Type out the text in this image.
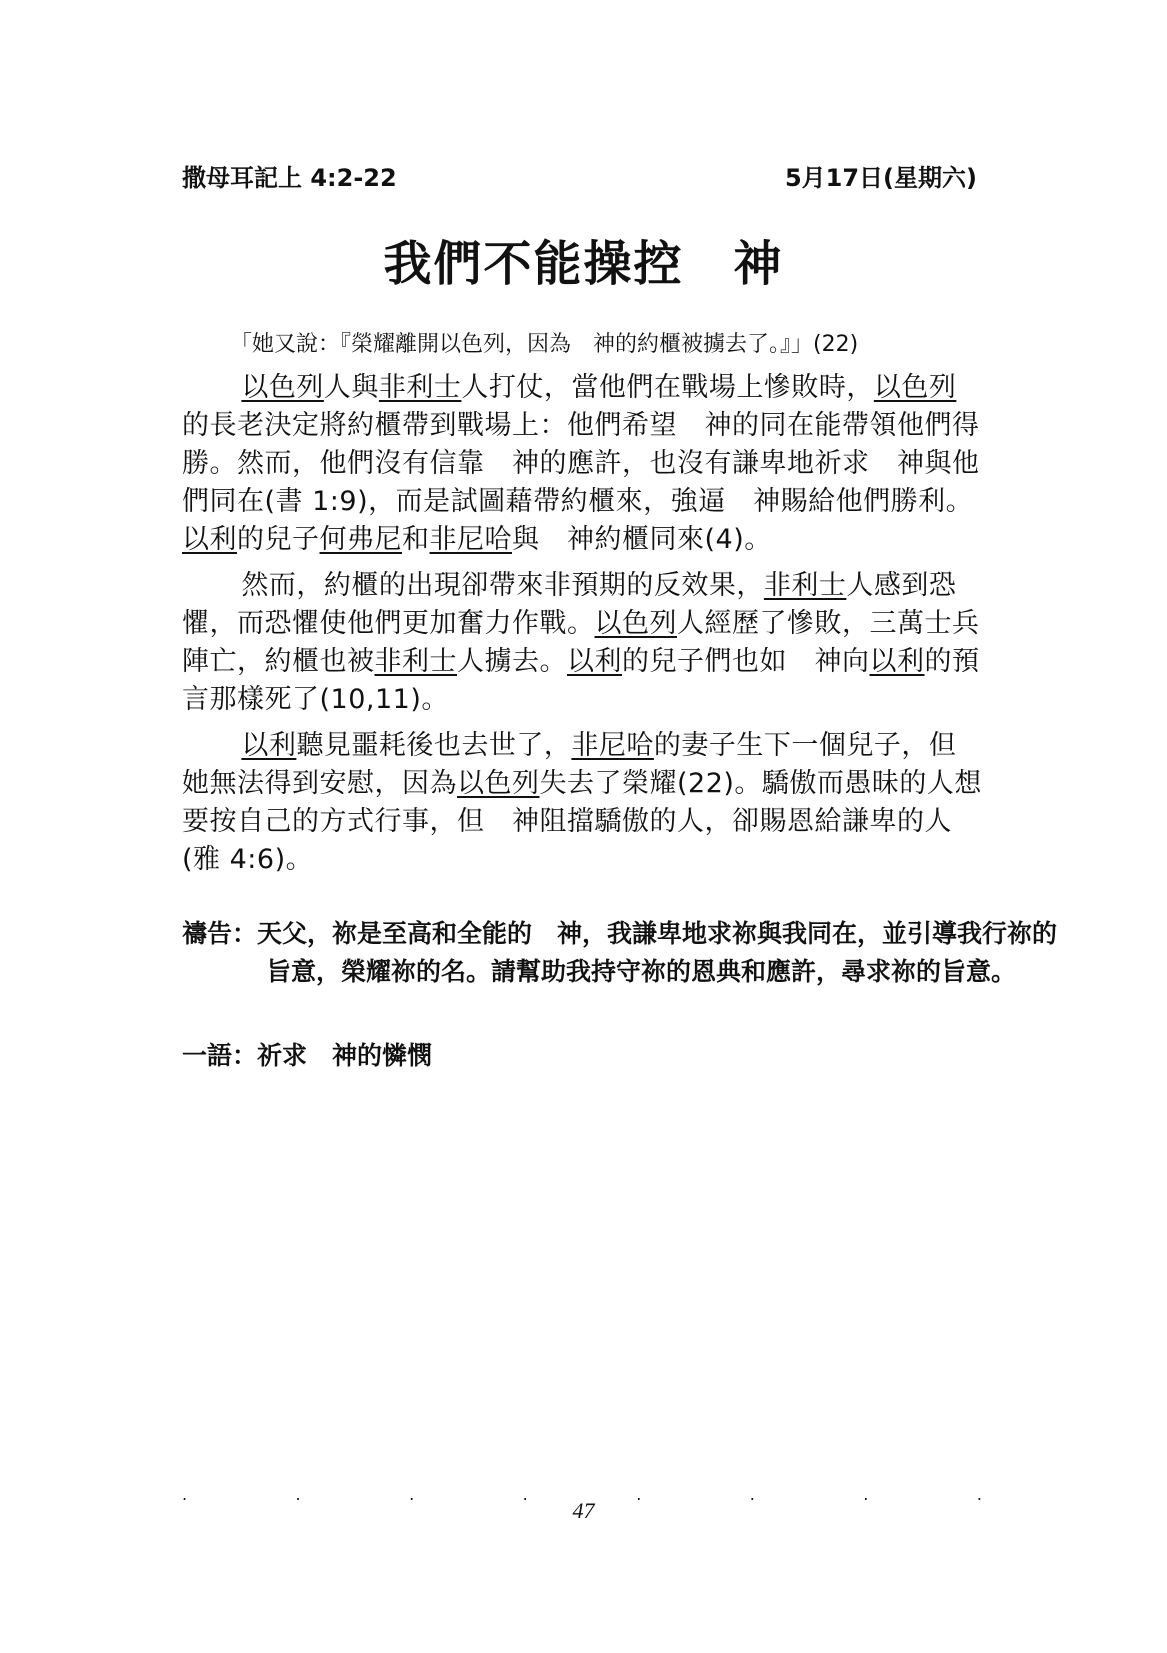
撒母耳記上 4:2-22	5月17日(星期六)
我們不能操控　神
「她又說：『榮耀離開以色列，因為　神的約櫃被擄去了。』」(22)
以色列人與非利士人打仗，當他們在戰場上慘敗時，以色列的長老決定將約櫃帶到戰場上：他們希望　神的同在能帶領他們得勝。然而，他們沒有信靠　神的應許，也沒有謙卑地祈求　神與他們同在(書 1:9)，而是試圖藉帶約櫃來，強逼　神賜給他們勝利。以利的兒子何弗尼和非尼哈與　神約櫃同來(4)。
然而，約櫃的出現卻帶來非預期的反效果，非利士人感到恐懼，而恐懼使他們更加奮力作戰。以色列人經歷了慘敗，三萬士兵陣亡，約櫃也被非利士人擄去。以利的兒子們也如　神向以利的預言那樣死了(10,11)。
以利聽見噩耗後也去世了，非尼哈的妻子生下一個兒子，但她無法得到安慰，因為以色列失去了榮耀(22)。驕傲而愚昧的人想要按自己的方式行事，但　神阻擋驕傲的人，卻賜恩給謙卑的人(雅 4:6)。
禱告：天父，祢是至高和全能的　神，我謙卑地求祢與我同在，並引導我行祢的旨意，榮耀祢的名。請幫助我持守祢的恩典和應許，尋求祢的旨意。
一語：祈求　神的憐憫
.	.	.	.	.	.	.	.
47
